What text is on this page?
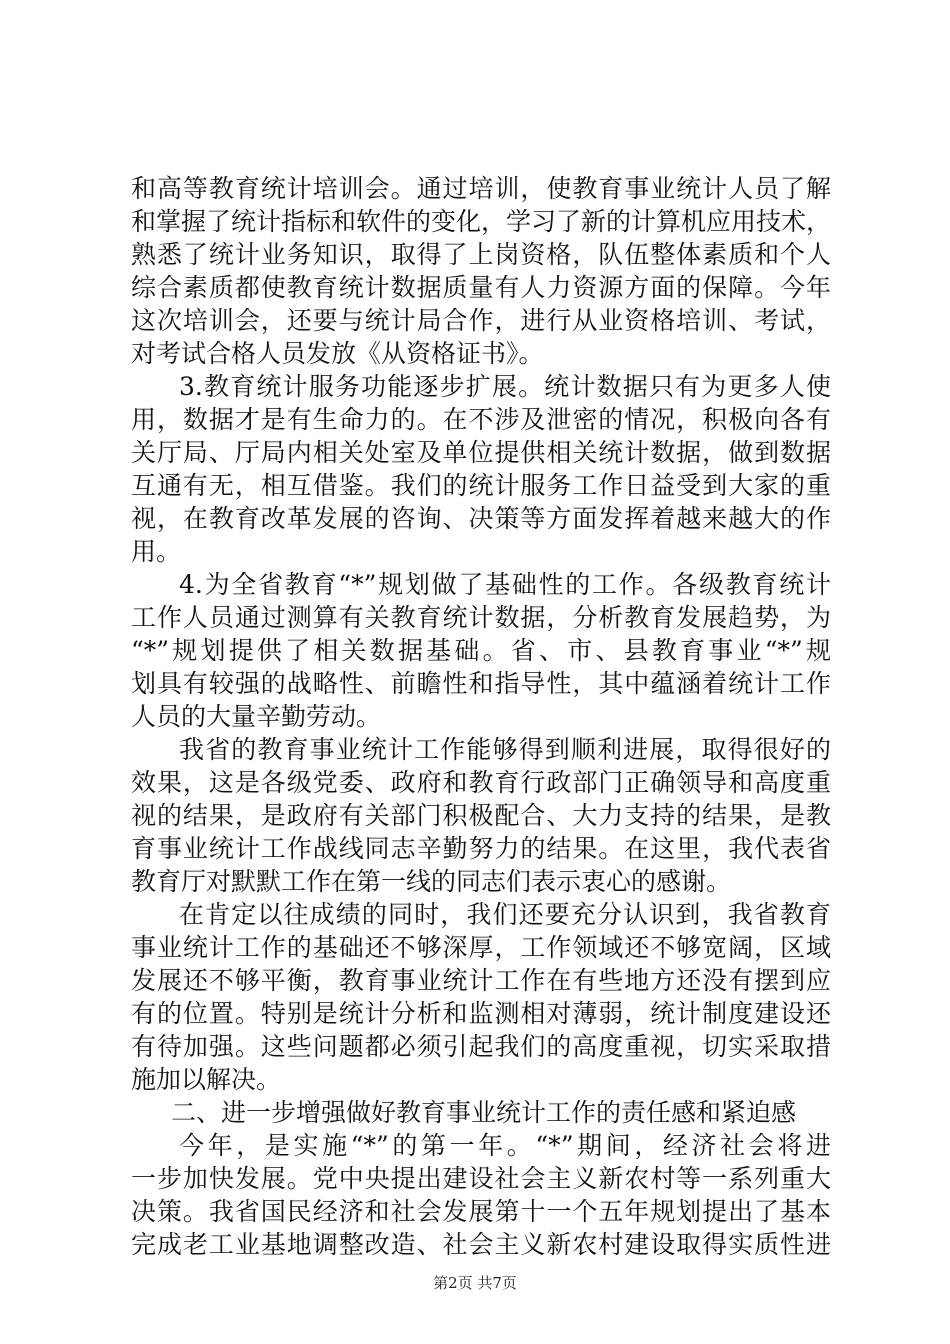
和高等教育统计培训会。通过培训，使教育事业统计人员了解
和掌握了统计指标和软件的变化，学习了新的计算机应用技术，
熟悉了统计业务知识，取得了上岗资格，队伍整体素质和个人
综合素质都使教育统计数据质量有人力资源方面的保障。今年
这次培训会，还要与统计局合作，进行从业资格培训、考试，
对考试合格人员发放《从资格证书》。
3.教育统计服务功能逐步扩展。统计数据只有为更多人使
用，数据才是有生命力的。在不涉及泄密的情况，积极向各有
关厅局、厅局内相关处室及单位提供相关统计数据，做到数据
互通有无，相互借鉴。我们的统计服务工作日益受到大家的重
视，在教育改革发展的咨询、决策等方面发挥着越来越大的作
用。
4.为全省教育“*”规划做了基础性的工作。各级教育统计
工作人员通过测算有关教育统计数据，分析教育发展趋势，为
“*”规划提供了相关数据基础。省、市、县教育事业“*”规
划具有较强的战略性、前瞻性和指导性，其中蕴涵着统计工作
人员的大量辛勤劳动。
我省的教育事业统计工作能够得到顺利进展，取得很好的
效果，这是各级党委、政府和教育行政部门正确领导和高度重
视的结果，是政府有关部门积极配合、大力支持的结果，是教
育事业统计工作战线同志辛勤努力的结果。在这里，我代表省
教育厅对默默工作在第一线的同志们表示衷心的感谢。
在肯定以往成绩的同时，我们还要充分认识到，我省教育
事业统计工作的基础还不够深厚，工作领域还不够宽阔，区域
发展还不够平衡，教育事业统计工作在有些地方还没有摆到应
有的位置。特别是统计分析和监测相对薄弱，统计制度建设还
有待加强。这些问题都必须引起我们的高度重视，切实采取措
施加以解决。
二、进一步增强做好教育事业统计工作的责任感和紧迫感
今年，是实施“*”的第一年。“*”期间，经济社会将进
一步加快发展。党中央提出建设社会主义新农村等一系列重大
决策。我省国民经济和社会发展第十一个五年规划提出了基本
完成老工业基地调整改造、社会主义新农村建设取得实质性进
第2页 共7页
